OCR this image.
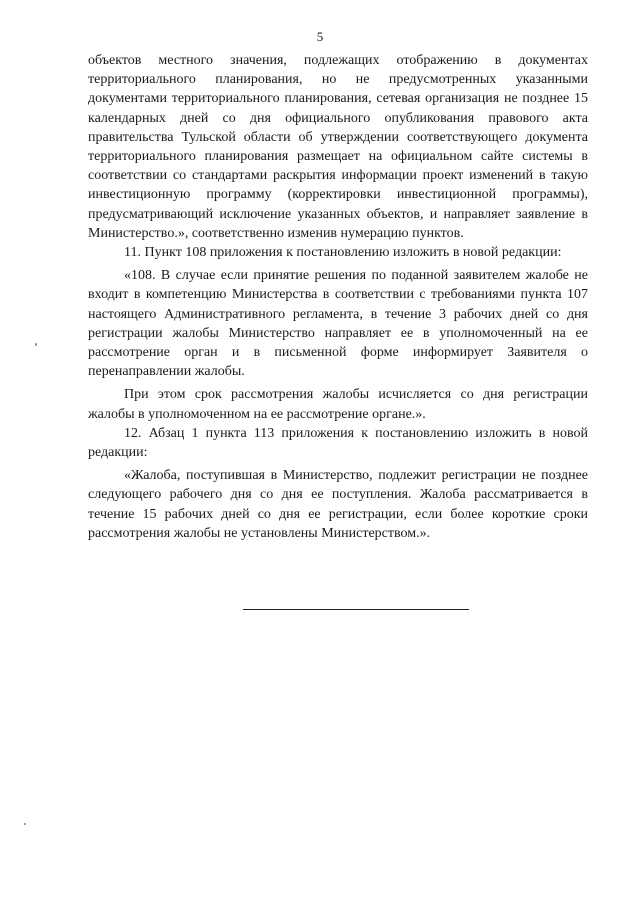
5

объектов местного значения, подлежащих отображению в документах территориального планирования, но не предусмотренных указанными документами территориального планирования, сетевая организация не позднее 15 календарных дней со дня официального опубликования правового акта правительства Тульской области об утверждении соответствующего документа территориального планирования размещает на официальном сайте системы в соответствии со стандартами раскрытия информации проект изменений в такую инвестиционную программу (корректировки инвестиционной программы), предусматривающий исключение указанных объектов, и направляет заявление в Министерство.», соответственно изменив нумерацию пунктов.

11. Пункт 108 приложения к постановлению изложить в новой редакции:

«108. В случае если принятие решения по поданной заявителем жалобе не входит в компетенцию Министерства в соответствии с требованиями пункта 107 настоящего Административного регламента, в течение 3 рабочих дней со дня регистрации жалобы Министерство направляет ее в уполномоченный на ее рассмотрение орган и в письменной форме информирует Заявителя о перенаправлении жалобы.

При этом срок рассмотрения жалобы исчисляется со дня регистрации жалобы в уполномоченном на ее рассмотрение органе.».

12. Абзац 1 пункта 113 приложения к постановлению изложить в новой редакции:

«Жалоба, поступившая в Министерство, подлежит регистрации не позднее следующего рабочего дня со дня ее поступления. Жалоба рассматривается в течение 15 рабочих дней со дня ее регистрации, если более короткие сроки рассмотрения жалобы не установлены Министерством.».
